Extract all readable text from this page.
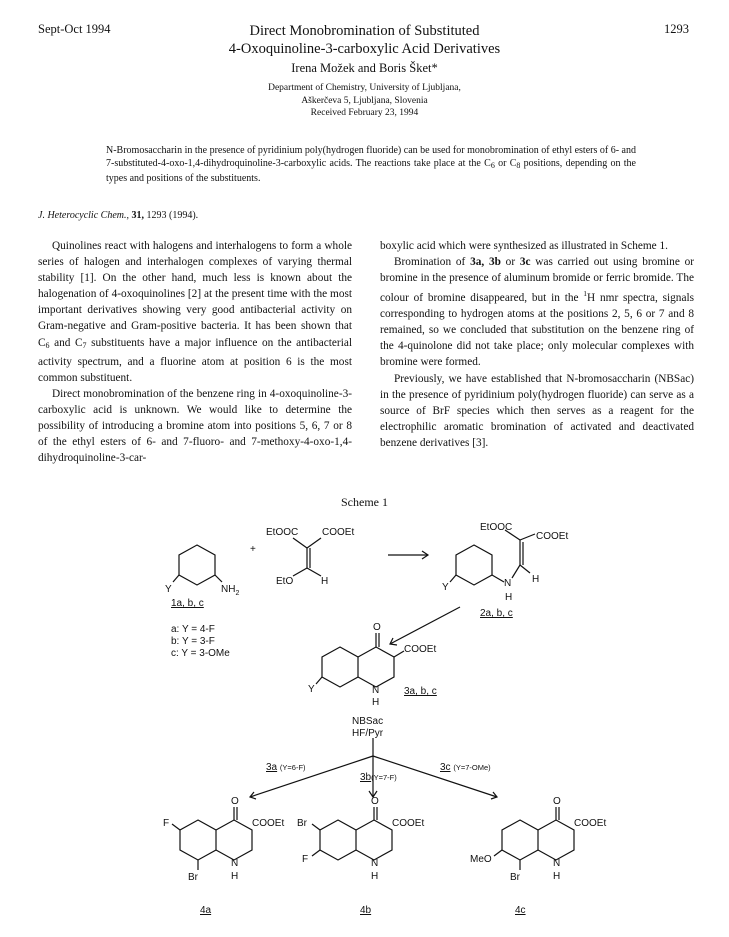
Sept-Oct 1994	1293
Direct Monobromination of Substituted
4-Oxoquinoline-3-carboxylic Acid Derivatives
Irena Možek and Boris Šket*
Department of Chemistry, University of Ljubljana,
Aškerčeva 5, Ljubljana, Slovenia
Received February 23, 1994
N-Bromosaccharin in the presence of pyridinium poly(hydrogen fluoride) can be used for monobromination of ethyl esters of 6- and 7-substituted-4-oxo-1,4-dihydroquinoline-3-carboxylic acids. The reactions take place at the $C_6$ or $C_8$ positions, depending on the types and positions of the substituents.
J. Heterocyclic Chem., 31, 1293 (1994).

Quinolines react with halogens and interhalogens to form a whole series of halogen and interhalogen complexes of varying thermal stability [1]. On the other hand, much less is known about the halogenation of 4-oxoquinolines [2] at the present time with the most important derivatives showing very good antibacterial activity on Gram-negative and Gram-positive bacteria. It has been shown that $C_6$ and $C_7$ substituents have a major influence on the antibacterial activity spectrum, and a fluorine atom at position 6 is the most common substituent.

Direct monobromination of the benzene ring in 4-oxoquinoline-3-carboxylic acid is unknown. We would like to determine the possibility of introducing a bromine atom into positions 5, 6, 7 or 8 of the ethyl esters of 6- and 7-fluoro- and 7-methoxy-4-oxo-1,4-dihydroquinoline-3-car-

boxylic acid which were synthesized as illustrated in Scheme 1.

Bromination of 3a, 3b or 3c was carried out using bromine or bromine in the presence of aluminum bromide or ferric bromide. The colour of bromine disappeared, but in the $^1$H nmr spectra, signals corresponding to hydrogen atoms at the positions 2, 5, 6 or 7 and 8 remained, so we concluded that substitution on the benzene ring of the 4-quinolone did not take place; only molecular complexes with bromine were formed.

Previously, we have established that N-bromosaccharin (NBSac) in the presence of pyridinium poly(hydrogen fluoride) can serve as a source of BrF species which then serves as a reagent for the electrophilic aromatic bromination of activated and deactivated benzene derivatives [3].

Scheme 1
$NH_2$
Y
+
EtOOC COOEt
EtO	H
EtOOC
COOEt
N
H
H
Y
O
COOEt
N
H
Y
O
COOEt
F
N
H
Br
O
COOEt
Br
F	N
H
O
COOEt
MeO	N
H
Br
1a, b, c
2a, b, c
3a, b, c
a: Y = 4-F
b: Y = 3-F
c: Y = 3-OMe
NBSac
HF/Pyr
3a (Y=6-F)
3b(Y=7-F)
3c (Y=7-OMe)
4a	4b	4c
